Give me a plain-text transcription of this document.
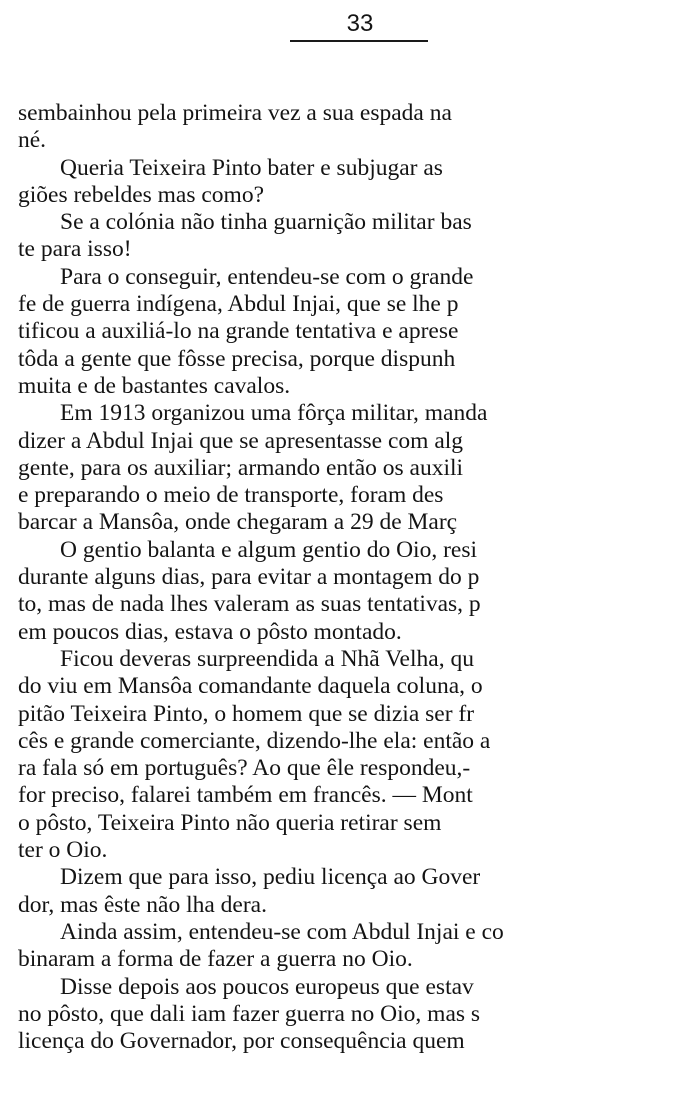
33
sembainhou pela primeira vez a sua espada na
né.
Queria Teixeira Pinto bater e subjugar as
giões rebeldes mas como?
Se a colónia não tinha guarnição militar bas
te para isso!
Para o conseguir, entendeu-se com o grande
fe de guerra indígena, Abdul Injai, que se lhe p
tificou a auxiliá-lo na grande tentativa e aprese
tôda a gente que fôsse precisa, porque dispunh
muita e de bastantes cavalos.
Em 1913 organizou uma fôrça militar, manda
dizer a Abdul Injai que se apresentasse com alg
gente, para os auxiliar; armando então os auxili
e preparando o meio de transporte, foram des
barcar a Mansôa, onde chegaram a 29 de Març
O gentio balanta e algum gentio do Oio, resi
durante alguns dias, para evitar a montagem do p
to, mas de nada lhes valeram as suas tentativas, p
em poucos dias, estava o pôsto montado.
Ficou deveras surpreendida a Nhã Velha, qu
do viu em Mansôa comandante daquela coluna, o
pitão Teixeira Pinto, o homem que se dizia ser fr
cês e grande comerciante, dizendo-lhe ela: então a
ra fala só em português? Ao que êle respondeu,-
for preciso, falarei também em francês. — Mont
o pôsto, Teixeira Pinto não queria retirar sem
ter o Oio.
Dizem que para isso, pediu licença ao Gover
dor, mas êste não lha dera.
Ainda assim, entendeu-se com Abdul Injai e co
binaram a forma de fazer a guerra no Oio.
Disse depois aos poucos europeus que estav
no pôsto, que dali iam fazer guerra no Oio, mas s
licença do Governador, por consequência quem
